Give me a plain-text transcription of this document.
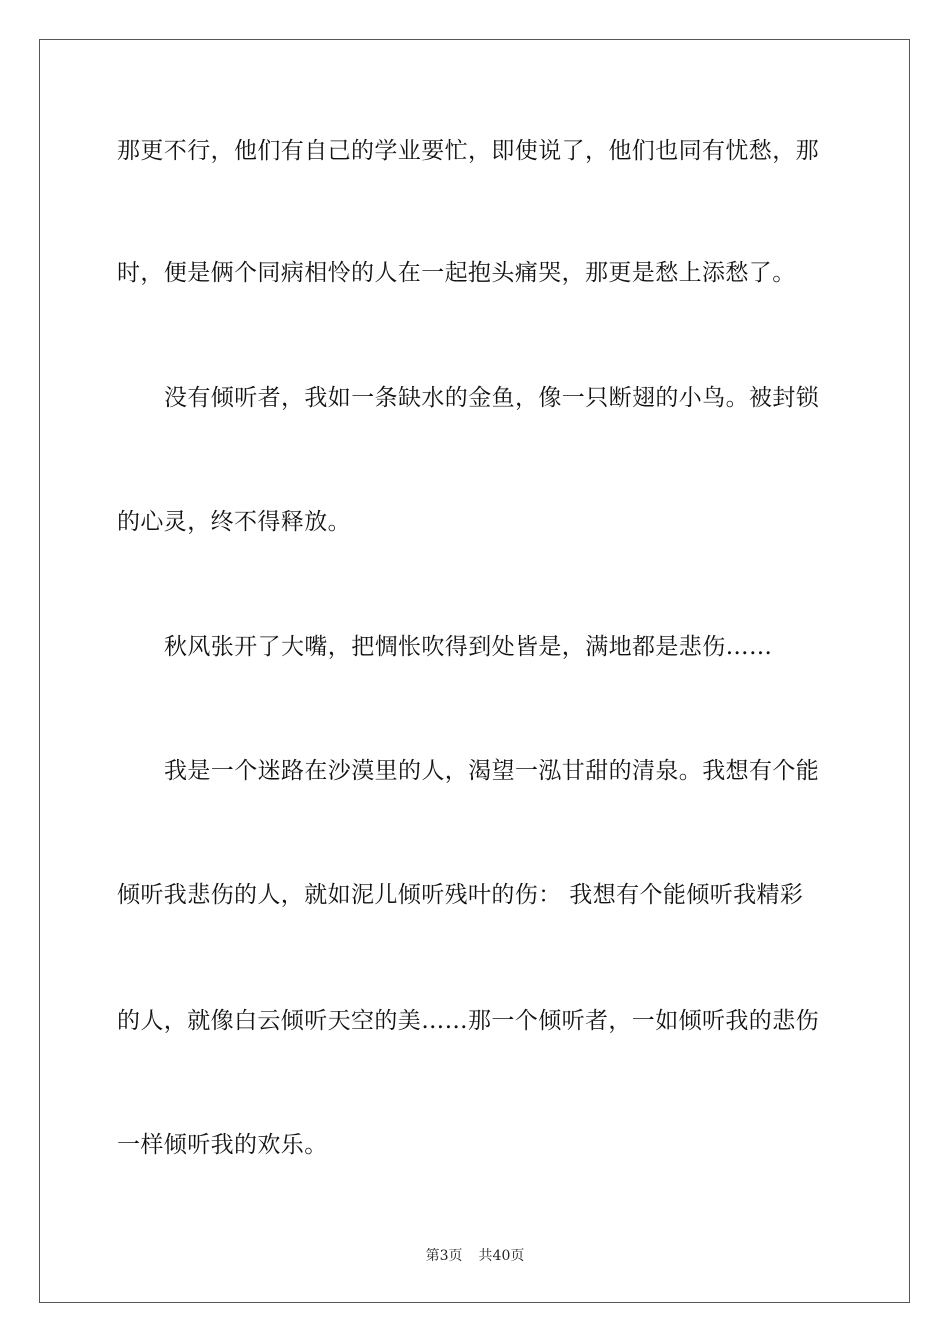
那更不行，他们有自己的学业要忙，即使说了，他们也同有忧愁，那
时，便是俩个同病相怜的人在一起抱头痛哭，那更是愁上添愁了。
没有倾听者，我如一条缺水的金鱼，像一只断翅的小鸟。被封锁
的心灵，终不得释放。
秋风张开了大嘴，把惆怅吹得到处皆是，满地都是悲伤……
我是一个迷路在沙漠里的人，渴望一泓甘甜的清泉。我想有个能
倾听我悲伤的人，就如泥儿倾听残叶的伤： 我想有个能倾听我精彩
的人，就像白云倾听天空的美……那一个倾听者，一如倾听我的悲伤
一样倾听我的欢乐。
第3页 共40页
